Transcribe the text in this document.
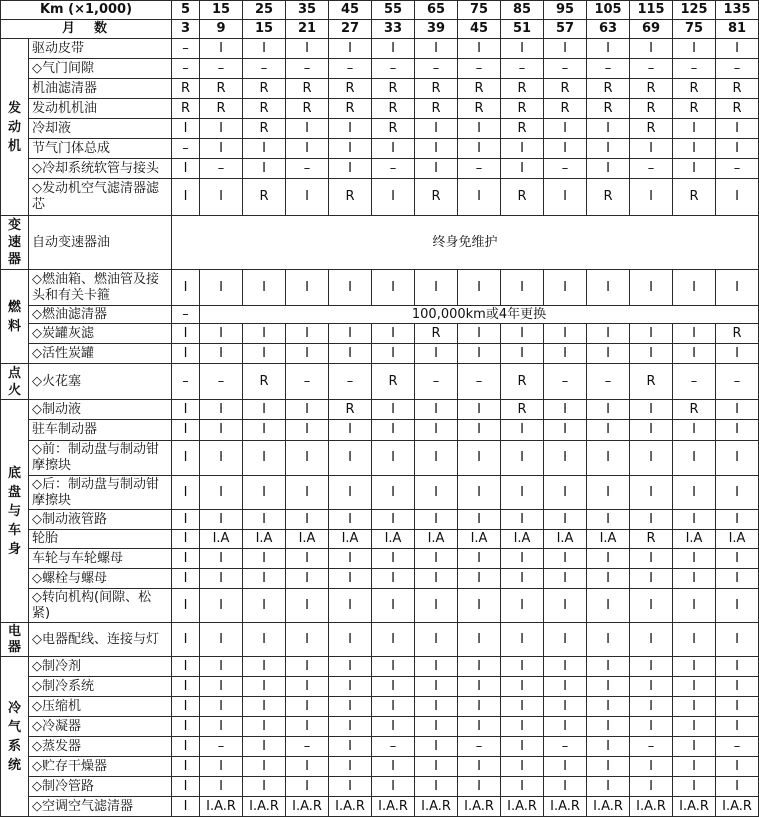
Km (×1,000)		5	15	25	35	45	55	65	75	85	95	105	115	125	135
月　数		3	9	15	21	27	33	39	45	51	57	63	69	75	81

发动机	驱动皮带	–	I	I	I	I	I	I	I	I	I	I	I	I	I
	◇气门间隙	–	–	–	–	–	–	–	–	–	–	–	–	–	–
	机油滤清器	R	R	R	R	R	R	R	R	R	R	R	R	R	R
	发动机机油	R	R	R	R	R	R	R	R	R	R	R	R	R	R
	冷却液	I	I	R	I	I	R	I	I	R	I	I	R	I	I
	节气门体总成	–	I	I	I	I	I	I	I	I	I	I	I	I	I
	◇冷却系统软管与接头	I	–	I	–	I	–	I	–	I	–	I	–	I	–
	◇发动机空气滤清器滤芯	I	I	R	I	R	I	R	I	R	I	R	I	R	I

变速器	自动变速器油	终身免维护													

燃料	◇燃油箱、燃油管及接头和有关卡箍	I	I	I	I	I	I	I	I	I	I	I	I	I	I
	◇燃油滤清器	–	100,000km或4年更换												
	◇炭罐灰滤	I	I	I	I	I	I	R	I	I	I	I	I	I	R
	◇活性炭罐	I	I	I	I	I	I	I	I	I	I	I	I	I	I

点火	◇火花塞	–	–	R	–	–	R	–	–	R	–	–	R	–	–

底盘与车身	◇制动液	I	I	I	I	R	I	I	I	R	I	I	I	R	I
	驻车制动器	I	I	I	I	I	I	I	I	I	I	I	I	I	I
	◇前：制动盘与制动钳摩擦块	I	I	I	I	I	I	I	I	I	I	I	I	I	I
	◇后：制动盘与制动钳摩擦块	I	I	I	I	I	I	I	I	I	I	I	I	I	I
	◇制动液管路	I	I	I	I	I	I	I	I	I	I	I	I	I	I
	轮胎	I	I.A	I.A	I.A	I.A	I.A	I.A	I.A	I.A	I.A	I.A	R	I.A	I.A
	车轮与车轮螺母	I	I	I	I	I	I	I	I	I	I	I	I	I	I
	◇螺栓与螺母	I	I	I	I	I	I	I	I	I	I	I	I	I	I
	◇转向机构(间隙、松紧)	I	I	I	I	I	I	I	I	I	I	I	I	I	I

电器	◇电器配线、连接与灯	I	I	I	I	I	I	I	I	I	I	I	I	I	I

冷气系统	◇制冷剂	I	I	I	I	I	I	I	I	I	I	I	I	I	I
	◇制冷系统	I	I	I	I	I	I	I	I	I	I	I	I	I	I
	◇压缩机	I	I	I	I	I	I	I	I	I	I	I	I	I	I
	◇冷凝器	I	I	I	I	I	I	I	I	I	I	I	I	I	I
	◇蒸发器	I	–	I	–	I	–	I	–	I	–	I	–	I	–
	◇贮存干燥器	I	I	I	I	I	I	I	I	I	I	I	I	I	I
	◇制冷管路	I	I	I	I	I	I	I	I	I	I	I	I	I	I
	◇空调空气滤清器	I	I.A.R	I.A.R	I.A.R	I.A.R	I.A.R	I.A.R	I.A.R	I.A.R	I.A.R	I.A.R	I.A.R	I.A.R	I.A.R
